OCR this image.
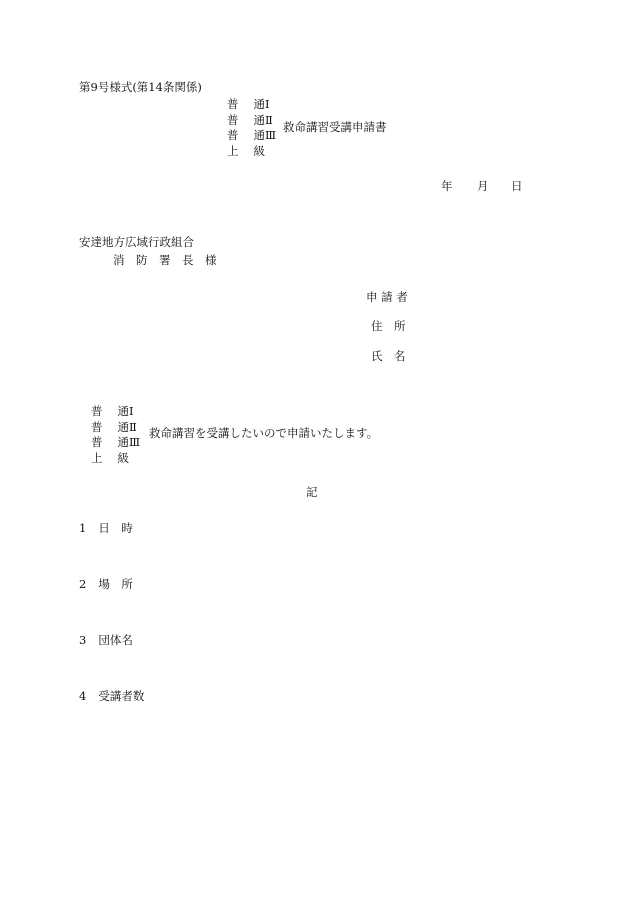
第9号様式(第14条関係)
普 通Ⅰ
普 通Ⅱ
普 通Ⅲ
上 級
救命講習受講申請書
年 月 日
安達地方広域行政組合
消　防　署　長　様
申 請 者
住　所
氏　名
普 通Ⅰ
普 通Ⅱ
普 通Ⅲ
上 級
救命講習を受講したいので申請いたします。
記
1 日　時
2 場　所
3 団体名
4 受講者数
